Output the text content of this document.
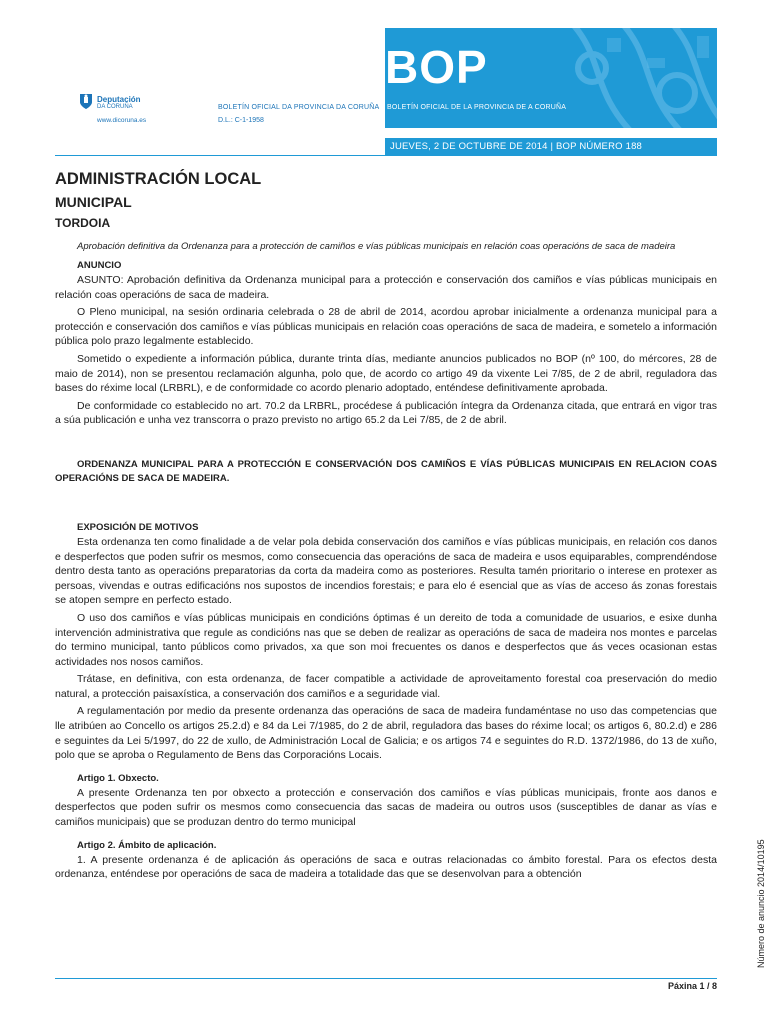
BOP
BOLETÍN OFICIAL DE LA PROVINCIA DE A CORUÑA
Deputación
DA CORUÑA
www.dicoruna.es
BOLETÍN OFICIAL DA PROVINCIA DA CORUÑA
D.L.: C-1-1958
JUEVES, 2 DE OCTUBRE DE 2014 | BOP NÚMERO 188
ADMINISTRACIÓN LOCAL
MUNICIPAL
TORDOIA
Aprobación definitiva da Ordenanza para a protección de camiños e vías públicas municipais en relación coas operacións de saca de madeira
ANUNCIO

ASUNTO: Aprobación definitiva da Ordenanza municipal para a protección e conservación dos camiños e vías públicas municipais en relación coas operacións de saca de madeira.

O Pleno municipal, na sesión ordinaria celebrada o 28 de abril de 2014, acordou aprobar inicialmente a ordenanza municipal para a protección e conservación dos camiños e vías públicas municipais en relación coas operacións de saca de madeira, e sometelo a información pública polo prazo legalmente establecido.

Sometido o expediente a información pública, durante trinta días, mediante anuncios publicados no BOP (nº 100, do mércores, 28 de maio de 2014), non se presentou reclamación algunha, polo que, de acordo co artigo 49 da vixente Lei 7/85, de 2 de abril, reguladora das bases do réxime local (LRBRL), e de conformidade co acordo plenario adoptado, enténdese definitivamente aprobada.

De conformidade co establecido no art. 70.2 da LRBRL, procédese á publicación íntegra da Ordenanza citada, que entrará en vigor tras a súa publicación e unha vez transcorra o prazo previsto no artigo 65.2 da Lei 7/85, de 2 de abril.

ORDENANZA MUNICIPAL PARA A PROTECCIÓN E CONSERVACIÓN DOS CAMIÑOS E VÍAS PÚBLICAS MUNICIPAIS EN RELACION COAS OPERACIÓNS DE SACA DE MADEIRA.
EXPOSICIÓN DE MOTIVOS

Esta ordenanza ten como finalidade a de velar pola debida conservación dos camiños e vías públicas municipais, en relación cos danos e desperfectos que poden sufrir os mesmos, como consecuencia das operacións de saca de madeira e usos equiparables, comprendéndose dentro desta tanto as operacións preparatorias da corta da madeira como as posteriores. Resulta tamén prioritario o interese en protexer as persoas, vivendas e outras edificacións nos supostos de incendios forestais; e para elo é esencial que as vías de acceso ás zonas forestais se atopen sempre en perfecto estado.

O uso dos camiños e vías públicas municipais en condicións óptimas é un dereito de toda a comunidade de usuarios, e esixe dunha intervención administrativa que regule as condicións nas que se deben de realizar as operacións de saca de madeira nos montes e parcelas do termino municipal, tanto públicos como privados, xa que son moi frecuentes os danos e desperfectos que ás veces ocasionan estas actividades nos nosos camiños.

Trátase, en definitiva, con esta ordenanza, de facer compatible a actividade de aproveitamento forestal coa preservación do medio natural, a protección paisaxística, a conservación dos camiños e a seguridade vial.

A regulamentación por medio da presente ordenanza das operacións de saca de madeira fundaméntase no uso das competencias que lle atribúen ao Concello os artigos 25.2.d) e 84 da Lei 7/1985, do 2 de abril, reguladora das bases do réxime local; os artigos 6, 80.2.d) e 286 e seguintes da Lei 5/1997, do 22 de xullo, de Administración Local de Galicia; e os artigos 74 e seguintes do R.D. 1372/1986, do 13 de xuño, polo que se aproba o Regulamento de Bens das Corporacións Locais.

Artigo 1. Obxecto.

A presente Ordenanza ten por obxecto a protección e conservación dos camiños e vías públicas municipais, fronte aos danos e desperfectos que poden sufrir os mesmos como consecuencia das sacas de madeira ou outros usos (susceptibles de danar as vías e camiños municipais) que se produzan dentro do termo municipal

Artigo 2. Ámbito de aplicación.

1. A presente ordenanza é de aplicación ás operacións de saca e outras relacionadas co ámbito forestal. Para os efectos desta ordenanza, enténdese por operacións de saca de madeira a totalidade das que se desenvolvan para a obtención	Número de anuncio 2014/10195
Páxina 1 / 8
